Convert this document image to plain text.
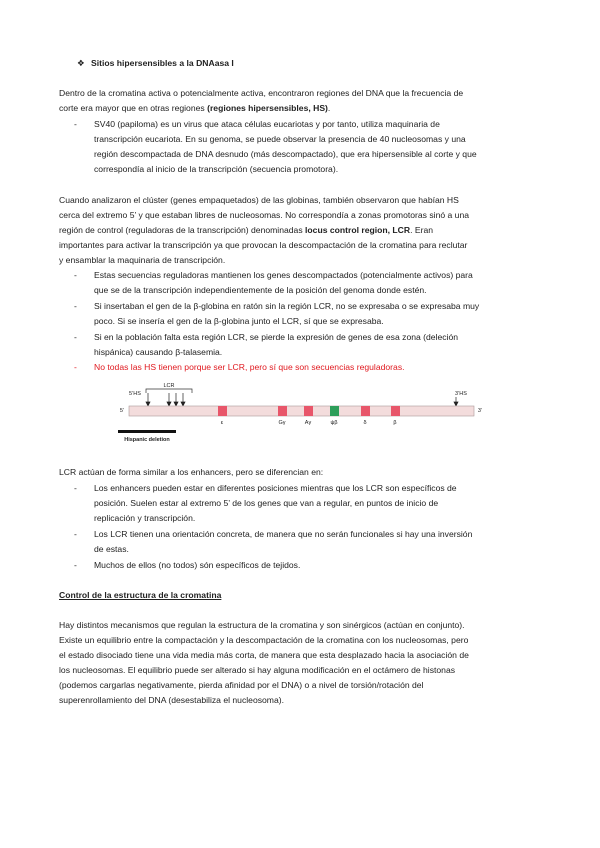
❖ Sitios hipersensibles a la DNAasa I
Dentro de la cromatina activa o potencialmente activa, encontraron regiones del DNA que la frecuencia de
corte era mayor que en otras regiones (regiones hipersensibles, HS).
- SV40 (papiloma) es un virus que ataca células eucariotas y por tanto, utiliza maquinaria de
transcripción eucariota. En su genoma, se puede observar la presencia de 40 nucleosomas y una
región descompactada de DNA desnudo (más descompactado), que era hipersensible al corte y que
correspondía al inicio de la transcripción (secuencia promotora).
Cuando analizaron el clúster (genes empaquetados) de las globinas, también observaron que habían HS
cerca del extremo 5’ y que estaban libres de nucleosomas. No correspondía a zonas promotoras sinó a una
región de control (reguladoras de la transcripción) denominadas locus control region, LCR. Eran
importantes para activar la transcripción ya que provocan la descompactación de la cromatina para reclutar
y ensamblar la maquinaria de transcripción.
- Estas secuencias reguladoras mantienen los genes descompactados (potencialmente activos) para
que se de la transcripción independientemente de la posición del genoma donde estén.
- Si insertaban el gen de la β-globina en ratón sin la región LCR, no se expresaba o se expresaba muy
poco. Si se insería el gen de la β-globina junto el LCR, sí que se expresaba.
- Si en la población falta esta región LCR, se pierde la expresión de genes de esa zona (deleción
hispánica) causando β-talasemia.
- No todas las HS tienen porque ser LCR, pero sí que son secuencias reguladoras.
LCR
5’HS	3’HS
5’	3’
ε	Gγ	Aγ	ψβ	δ	β
Hispanic deletion
LCR actúan de forma similar a los enhancers, pero se diferencian en:
- Los enhancers pueden estar en diferentes posiciones mientras que los LCR son específicos de
posición. Suelen estar al extremo 5’ de los genes que van a regular, en puntos de inicio de
replicación y transcripción.
- Los LCR tienen una orientación concreta, de manera que no serán funcionales si hay una inversión
de estas.
- Muchos de ellos (no todos) són específicos de tejidos.
Control de la estructura de la cromatina
Hay distintos mecanismos que regulan la estructura de la cromatina y son sinérgicos (actúan en conjunto).
Existe un equilibrio entre la compactación y la descompactación de la cromatina con los nucleosomas, pero
el estado disociado tiene una vida media más corta, de manera que esta desplazado hacia la asociación de
los nucleosomas. El equilibrio puede ser alterado si hay alguna modificación en el octámero de histonas
(podemos cargarlas negativamente, pierda afinidad por el DNA) o a nivel de torsión/rotación del
superenrollamiento del DNA (desestabiliza el nucleosoma).
